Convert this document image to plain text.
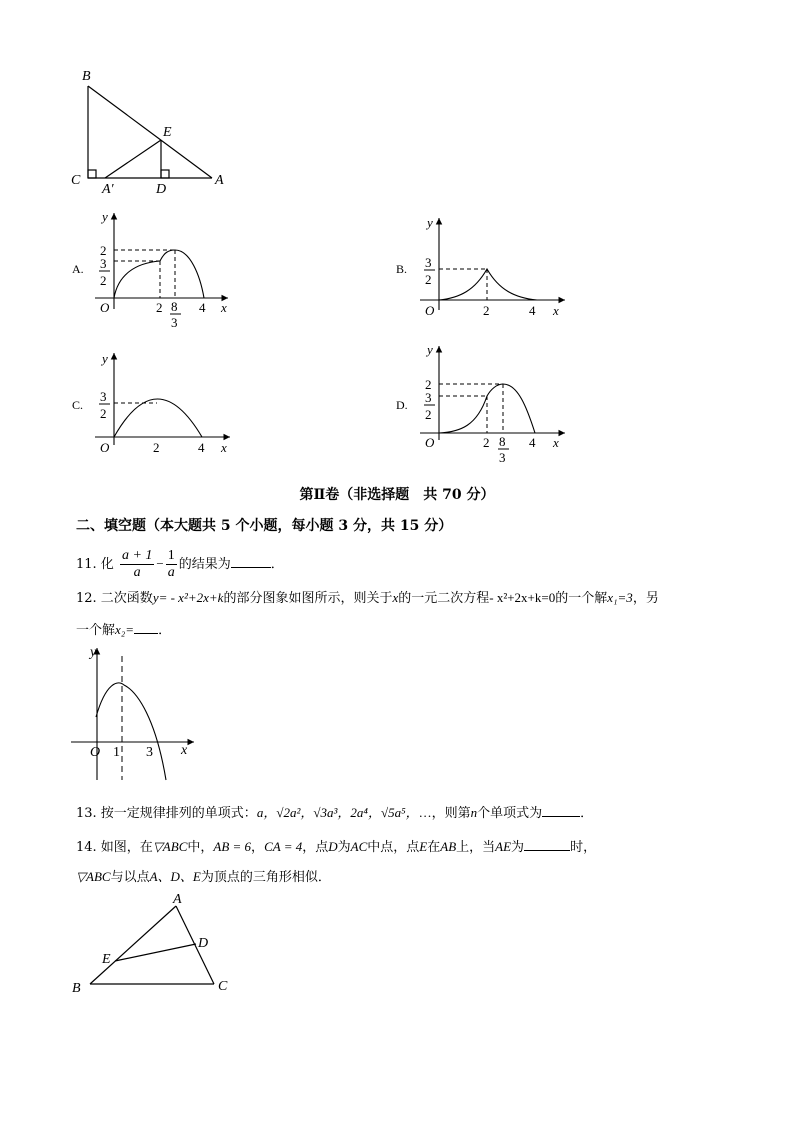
B
C
A′	D
A
E
A.
y
2
3
2
O	2 8
3
4 x
B.
y
3
2
O	2	4 x
C.
y
3
2
O	2	4 x
D.
y
2
3
2
O	2 8
3
4 x
第Ⅱ卷（非选择题　共 70 分）
二、填空题（本大题共 5 个小题，每小题 3 分，共 15 分）
11. 化 $\frac{a + 1}{a} - \frac{1}{a}$ 的结果为	．
12. 二次函数y= - x²+2x+k的部分图象如图所示，则关于x的一元二次方程- x²+2x+k=0的一个解x₁=3，另
一个解x₂= ．
y
O 1 3 x
13. 按一定规律排列的单项式：a，√2a²，√3a³，2a⁴，√5a⁵，…，则第n个单项式为	．
14. 如图，在▽ABC中，AB = 6，CA = 4，点D为AC中点，点E在AB上，当AE为	时，
▽ABC与以点A、D、E为顶点的三角形相似．
A
B	C
D
E
